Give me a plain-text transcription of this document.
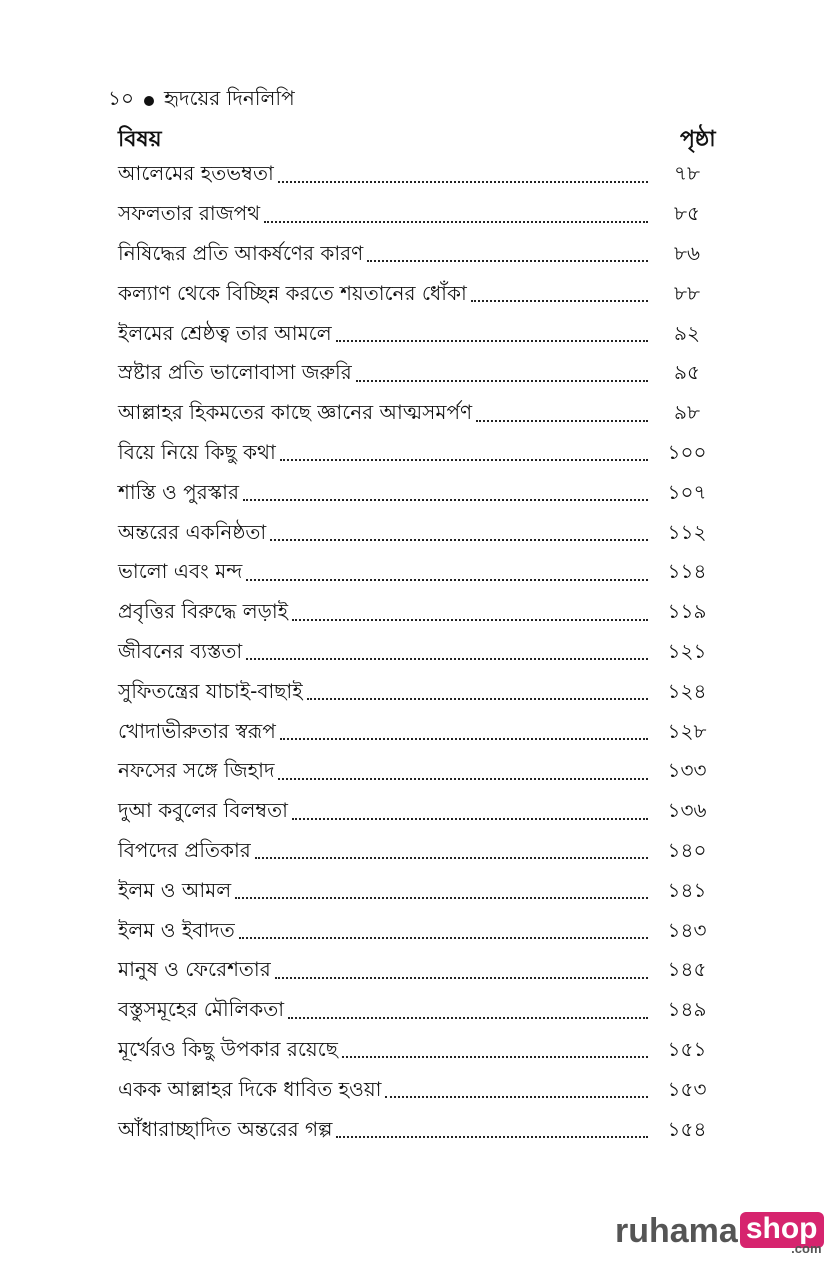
১০ হৃদয়ের দিনলিপি
বিষয়	পৃষ্ঠা
আলেমের হতভম্বতা	৭৮
সফলতার রাজপথ	৮৫
নিষিদ্ধের প্রতি আকর্ষণের কারণ	৮৬
কল্যাণ থেকে বিচ্ছিন্ন করতে শয়তানের ধোঁকা	৮৮
ইলমের শ্রেষ্ঠত্ব তার আমলে	৯২
স্রষ্টার প্রতি ভালোবাসা জরুরি	৯৫
আল্লাহর হিকমতের কাছে জ্ঞানের আত্মসমর্পণ	৯৮
বিয়ে নিয়ে কিছু কথা	১০০
শাস্তি ও পুরস্কার	১০৭
অন্তরের একনিষ্ঠতা	১১২
ভালো এবং মন্দ	১১৪
প্রবৃত্তির বিরুদ্ধে লড়াই	১১৯
জীবনের ব্যস্ততা	১২১
সুফিতন্ত্রের যাচাই-বাছাই	১২৪
খোদাভীরুতার স্বরূপ	১২৮
নফসের সঙ্গে জিহাদ	১৩৩
দুআ কবুলের বিলম্বতা	১৩৬
বিপদের প্রতিকার	১৪০
ইলম ও আমল	১৪১
ইলম ও ইবাদত	১৪৩
মানুষ ও ফেরেশতার	১৪৫
বস্তুসমূহের মৌলিকতা	১৪৯
মূর্খেরও কিছু উপকার রয়েছে	১৫১
একক আল্লাহর দিকে ধাবিত হওয়া	১৫৩
আঁধারাচ্ছাদিত অন্তরের গল্প	১৫৪
ruhama shop
.com
